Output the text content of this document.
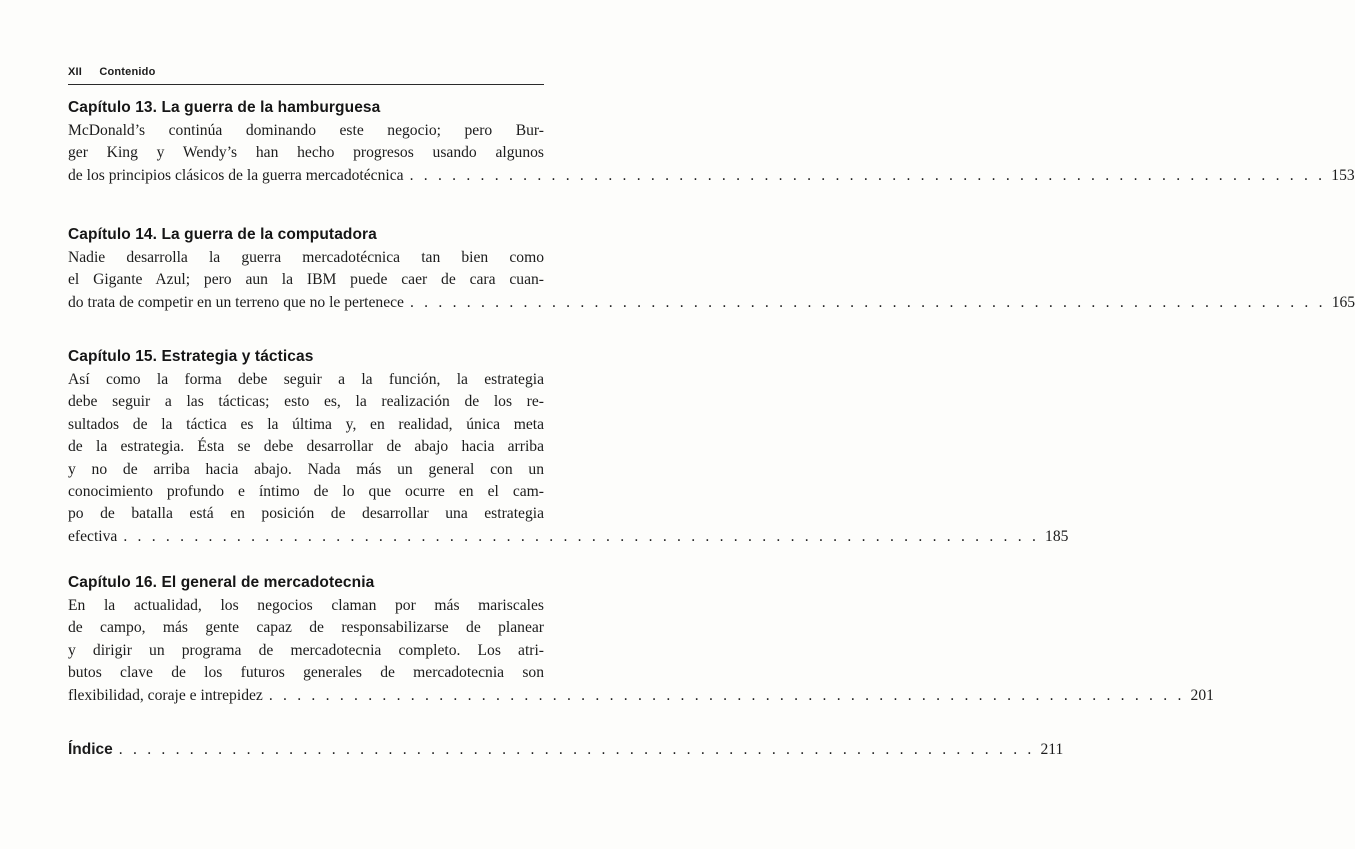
XII Contenido
Capítulo 13. La guerra de la hamburguesa

McDonald’s continúa dominando este negocio; pero Bur-
ger King y Wendy’s han hecho progresos usando algunos
de los principios clásicos de la guerra mercadotécnica . . . . . . . . . . . . . . . . . . . . . . . . . . . . . . . . . . . . . . . . . . . . . . . . . . . . . . . . . . . . . . . . . 153

Capítulo 14. La guerra de la computadora

Nadie desarrolla la guerra mercadotécnica tan bien como
el Gigante Azul; pero aun la IBM puede caer de cara cuan-
do trata de competir en un terreno que no le pertenece . . . . . . . . . . . . . . . . . . . . . . . . . . . . . . . . . . . . . . . . . . . . . . . . . . . . . . . . . . . . . . . . . 165

Capítulo 15. Estrategia y tácticas

Así como la forma debe seguir a la función, la estrategia
debe seguir a las tácticas; esto es, la realización de los re-
sultados de la táctica es la última y, en realidad, única meta
de la estrategia. Ésta se debe desarrollar de abajo hacia arriba
y no de arriba hacia abajo. Nada más un general con un
conocimiento profundo e íntimo de lo que ocurre en el cam-
po de batalla está en posición de desarrollar una estrategia
efectiva . . . . . . . . . . . . . . . . . . . . . . . . . . . . . . . . . . . . . . . . . . . . . . . . . . . . . . . . . . . . . . . . . 185

Capítulo 16. El general de mercadotecnia

En la actualidad, los negocios claman por más mariscales
de campo, más gente capaz de responsabilizarse de planear
y dirigir un programa de mercadotecnia completo. Los atri-
butos clave de los futuros generales de mercadotecnia son
flexibilidad, coraje e intrepidez . . . . . . . . . . . . . . . . . . . . . . . . . . . . . . . . . . . . . . . . . . . . . . . . . . . . . . . . . . . . . . . . . 201

Índice . . . . . . . . . . . . . . . . . . . . . . . . . . . . . . . . . . . . . . . . . . . . . . . . . . . . . . . . . . . . . . . . . 211
